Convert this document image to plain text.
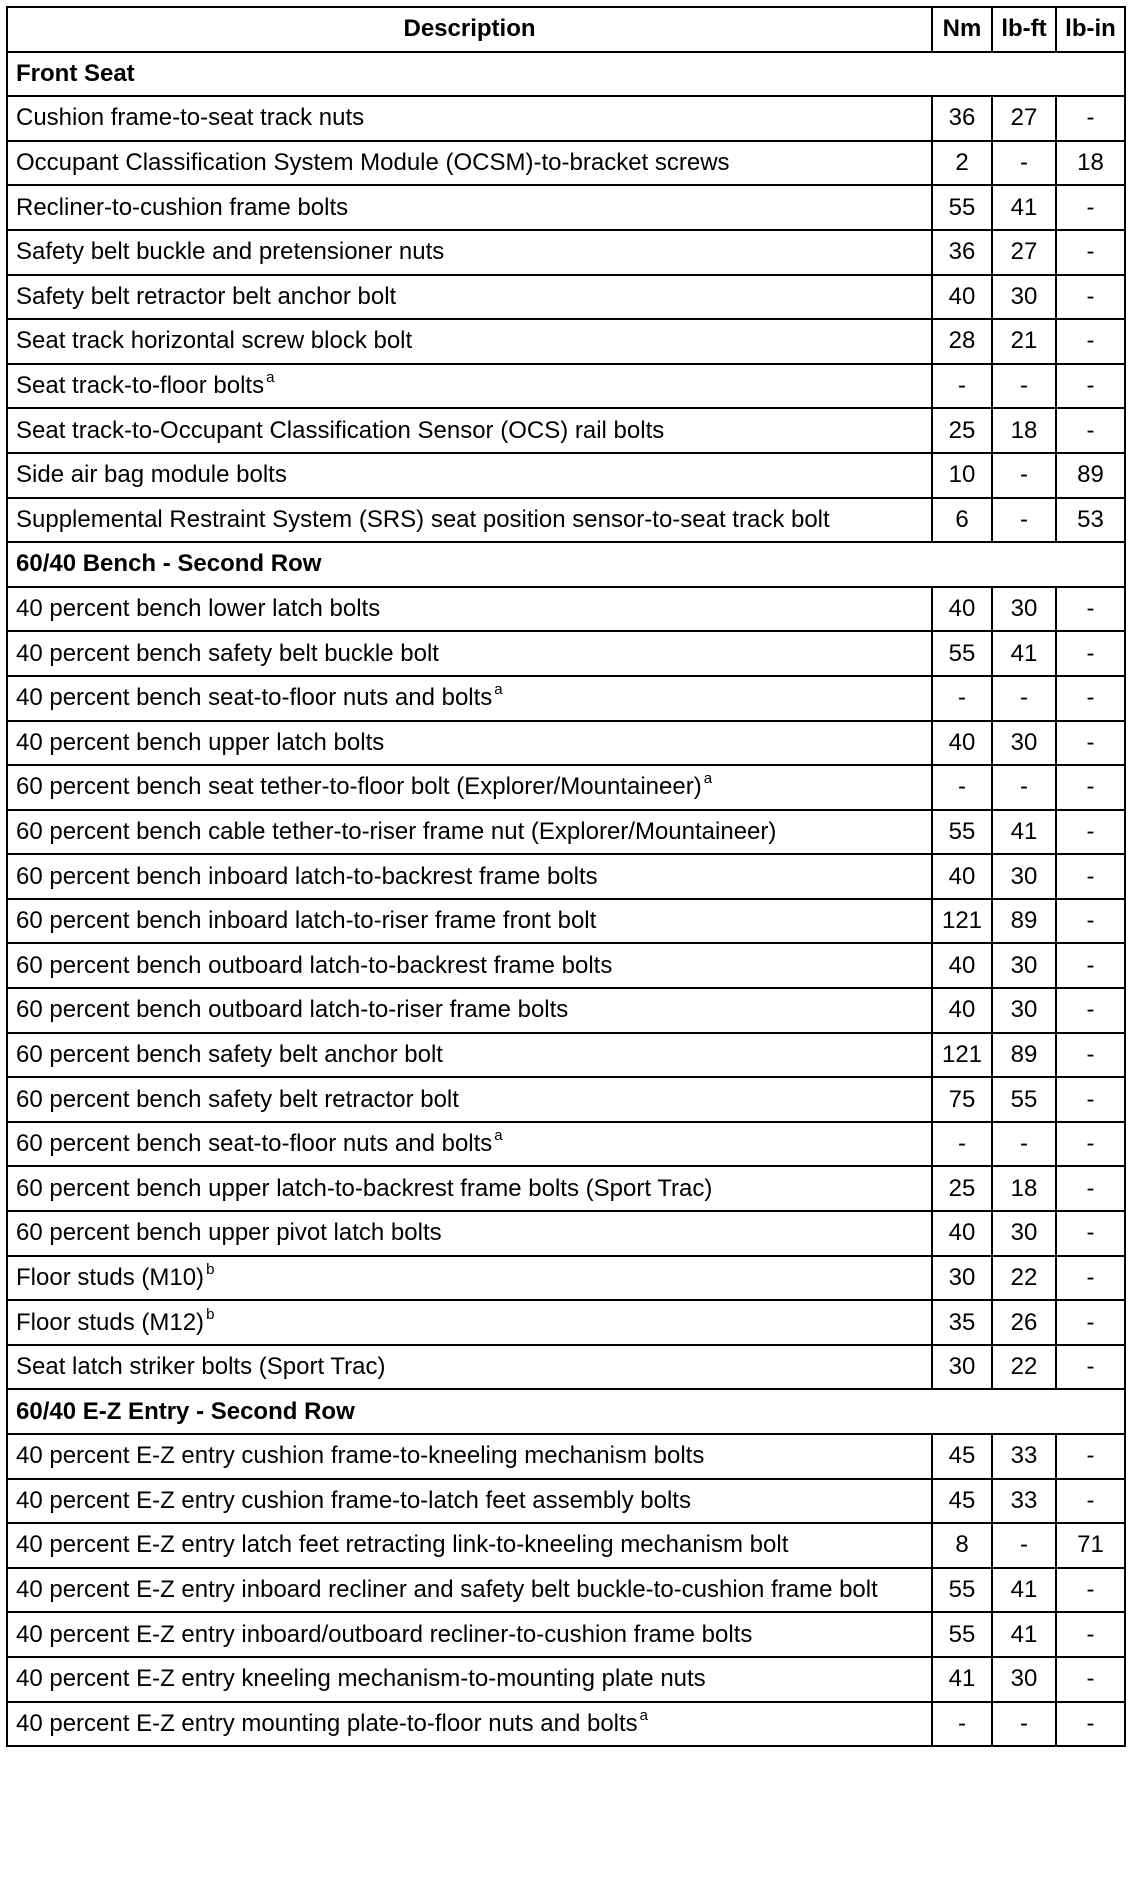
Description	Nm	lb-ft	lb-in
Front Seat			
Cushion frame-to-seat track nuts	36	27	-
Occupant Classification System Module (OCSM)-to-bracket screws	2	-	18
Recliner-to-cushion frame bolts	55	41	-
Safety belt buckle and pretensioner nuts	36	27	-
Safety belt retractor belt anchor bolt	40	30	-
Seat track horizontal screw block bolt	28	21	-
Seat track-to-floor bolts $^a$	-	-	-
Seat track-to-Occupant Classification Sensor (OCS) rail bolts	25	18	-
Side air bag module bolts	10	-	89
Supplemental Restraint System (SRS) seat position sensor-to-seat track bolt	6	-	53
60/40 Bench - Second Row			
40 percent bench lower latch bolts	40	30	-
40 percent bench safety belt buckle bolt	55	41	-
40 percent bench seat-to-floor nuts and bolts $^a$	-	-	-
40 percent bench upper latch bolts	40	30	-
60 percent bench seat tether-to-floor bolt (Explorer/Mountaineer) $^a$	-	-	-
60 percent bench cable tether-to-riser frame nut (Explorer/Mountaineer)	55	41	-
60 percent bench inboard latch-to-backrest frame bolts	40	30	-
60 percent bench inboard latch-to-riser frame front bolt	121	89	-
60 percent bench outboard latch-to-backrest frame bolts	40	30	-
60 percent bench outboard latch-to-riser frame bolts	40	30	-
60 percent bench safety belt anchor bolt	121	89	-
60 percent bench safety belt retractor bolt	75	55	-
60 percent bench seat-to-floor nuts and bolts $^a$	-	-	-
60 percent bench upper latch-to-backrest frame bolts (Sport Trac)	25	18	-
60 percent bench upper pivot latch bolts	40	30	-
Floor studs (M10) $^b$	30	22	-
Floor studs (M12) $^b$	35	26	-
Seat latch striker bolts (Sport Trac)	30	22	-
60/40 E-Z Entry - Second Row			
40 percent E-Z entry cushion frame-to-kneeling mechanism bolts	45	33	-
40 percent E-Z entry cushion frame-to-latch feet assembly bolts	45	33	-
40 percent E-Z entry latch feet retracting link-to-kneeling mechanism bolt	8	-	71
40 percent E-Z entry inboard recliner and safety belt buckle-to-cushion frame bolt	55	41	-
40 percent E-Z entry inboard/outboard recliner-to-cushion frame bolts	55	41	-
40 percent E-Z entry kneeling mechanism-to-mounting plate nuts	41	30	-
40 percent E-Z entry mounting plate-to-floor nuts and bolts $^a$	-	-	-
